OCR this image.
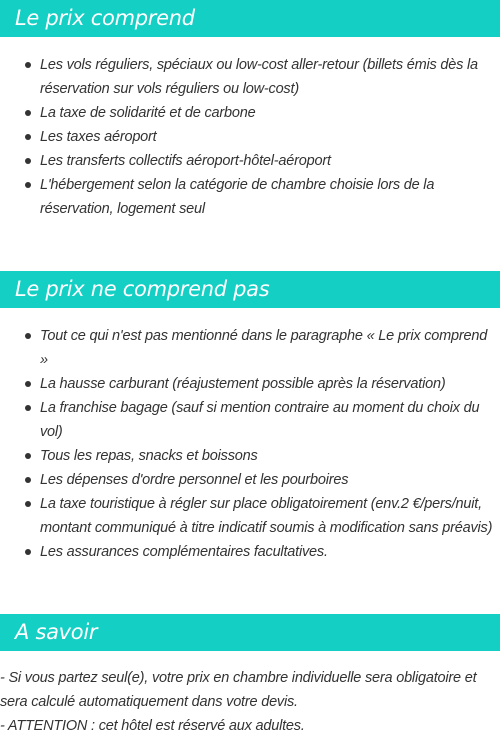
Le prix comprend
Les vols réguliers, spéciaux ou low-cost aller-retour (billets émis dès la réservation sur vols réguliers ou low-cost)
La taxe de solidarité et de carbone
Les taxes aéroport
Les transferts collectifs aéroport-hôtel-aéroport
L'hébergement selon la catégorie de chambre choisie lors de la réservation, logement seul
Le prix ne comprend pas
Tout ce qui n'est pas mentionné dans le paragraphe « Le prix comprend »
La hausse carburant (réajustement possible après la réservation)
La franchise bagage (sauf si mention contraire au moment du choix du vol)
Tous les repas, snacks et boissons
Les dépenses d'ordre personnel et les pourboires
La taxe touristique à régler sur place obligatoirement (env.2 €/pers/nuit, montant communiqué à titre indicatif soumis à modification sans préavis)
Les assurances complémentaires facultatives.
A savoir

- Si vous partez seul(e), votre prix en chambre individuelle sera obligatoire et sera calculé automatiquement dans votre devis.

- ATTENTION : cet hôtel est réservé aux adultes.
